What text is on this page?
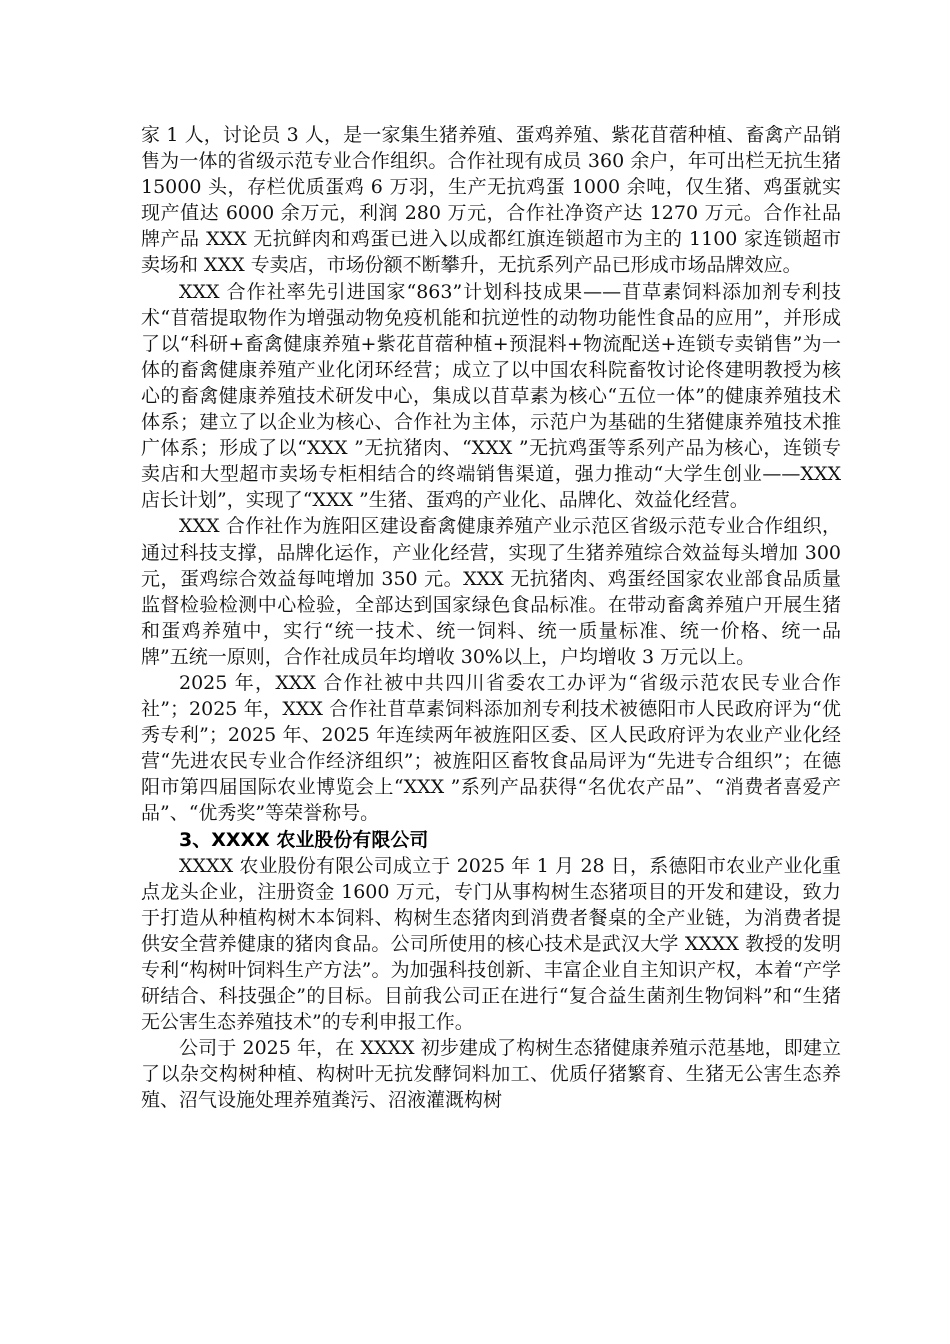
家 1 人，讨论员 3 人，是一家集生猪养殖、蛋鸡养殖、紫花苜蓿种植、畜禽产品销售为一体的省级示范专业合作组织。合作社现有成员 360 余户，年可出栏无抗生猪 15000 头，存栏优质蛋鸡 6 万羽，生产无抗鸡蛋 1000 余吨，仅生猪、鸡蛋就实现产值达 6000 余万元，利润 280 万元，合作社净资产达 1270 万元。合作社品牌产品 XXX 无抗鲜肉和鸡蛋已进入以成都红旗连锁超市为主的 1100 家连锁超市卖场和 XXX 专卖店，市场份额不断攀升，无抗系列产品已形成市场品牌效应。

XXX 合作社率先引进国家“863”计划科技成果——苜草素饲料添加剂专利技术“苜蓿提取物作为增强动物免疫机能和抗逆性的动物功能性食品的应用”，并形成了以“科研+畜禽健康养殖+紫花苜蓿种植+预混料+物流配送+连锁专卖销售”为一体的畜禽健康养殖产业化闭环经营；成立了以中国农科院畜牧讨论佟建明教授为核心的畜禽健康养殖技术研发中心，集成以苜草素为核心“五位一体”的健康养殖技术体系；建立了以企业为核心、合作社为主体，示范户为基础的生猪健康养殖技术推广体系；形成了以“XXX ”无抗猪肉、“XXX ”无抗鸡蛋等系列产品为核心，连锁专卖店和大型超市卖场专柜相结合的终端销售渠道，强力推动“大学生创业——XXX 店长计划”，实现了“XXX ”生猪、蛋鸡的产业化、品牌化、效益化经营。

XXX 合作社作为旌阳区建设畜禽健康养殖产业示范区省级示范专业合作组织，通过科技支撑，品牌化运作，产业化经营，实现了生猪养殖综合效益每头增加 300 元，蛋鸡综合效益每吨增加 350 元。XXX 无抗猪肉、鸡蛋经国家农业部食品质量监督检验检测中心检验，全部达到国家绿色食品标准。在带动畜禽养殖户开展生猪和蛋鸡养殖中，实行“统一技术、统一饲料、统一质量标准、统一价格、统一品牌”五统一原则，合作社成员年均增收 30%以上，户均增收 3 万元以上。

2025 年，XXX 合作社被中共四川省委农工办评为“省级示范农民专业合作社”；2025 年，XXX 合作社苜草素饲料添加剂专利技术被德阳市人民政府评为“优秀专利”；2025 年、2025 年连续两年被旌阳区委、区人民政府评为农业产业化经营“先进农民专业合作经济组织”；被旌阳区畜牧食品局评为“先进专合组织”；在德阳市第四届国际农业博览会上“XXX ”系列产品获得“名优农产品”、“消费者喜爱产品”、“优秀奖”等荣誉称号。

3、XXXX 农业股份有限公司

XXXX 农业股份有限公司成立于 2025 年 1 月 28 日，系德阳市农业产业化重点龙头企业，注册资金 1600 万元，专门从事构树生态猪项目的开发和建设，致力于打造从种植构树木本饲料、构树生态猪肉到消费者餐桌的全产业链，为消费者提供安全营养健康的猪肉食品。公司所使用的核心技术是武汉大学 XXXX 教授的发明专利“构树叶饲料生产方法”。为加强科技创新、丰富企业自主知识产权，本着“产学研结合、科技强企”的目标。目前我公司正在进行“复合益生菌剂生物饲料”和“生猪无公害生态养殖技术”的专利申报工作。

公司于 2025 年，在 XXXX 初步建成了构树生态猪健康养殖示范基地，即建立了以杂交构树种植、构树叶无抗发酵饲料加工、优质仔猪繁育、生猪无公害生态养殖、沼气设施处理养殖粪污、沼液灌溉构树
